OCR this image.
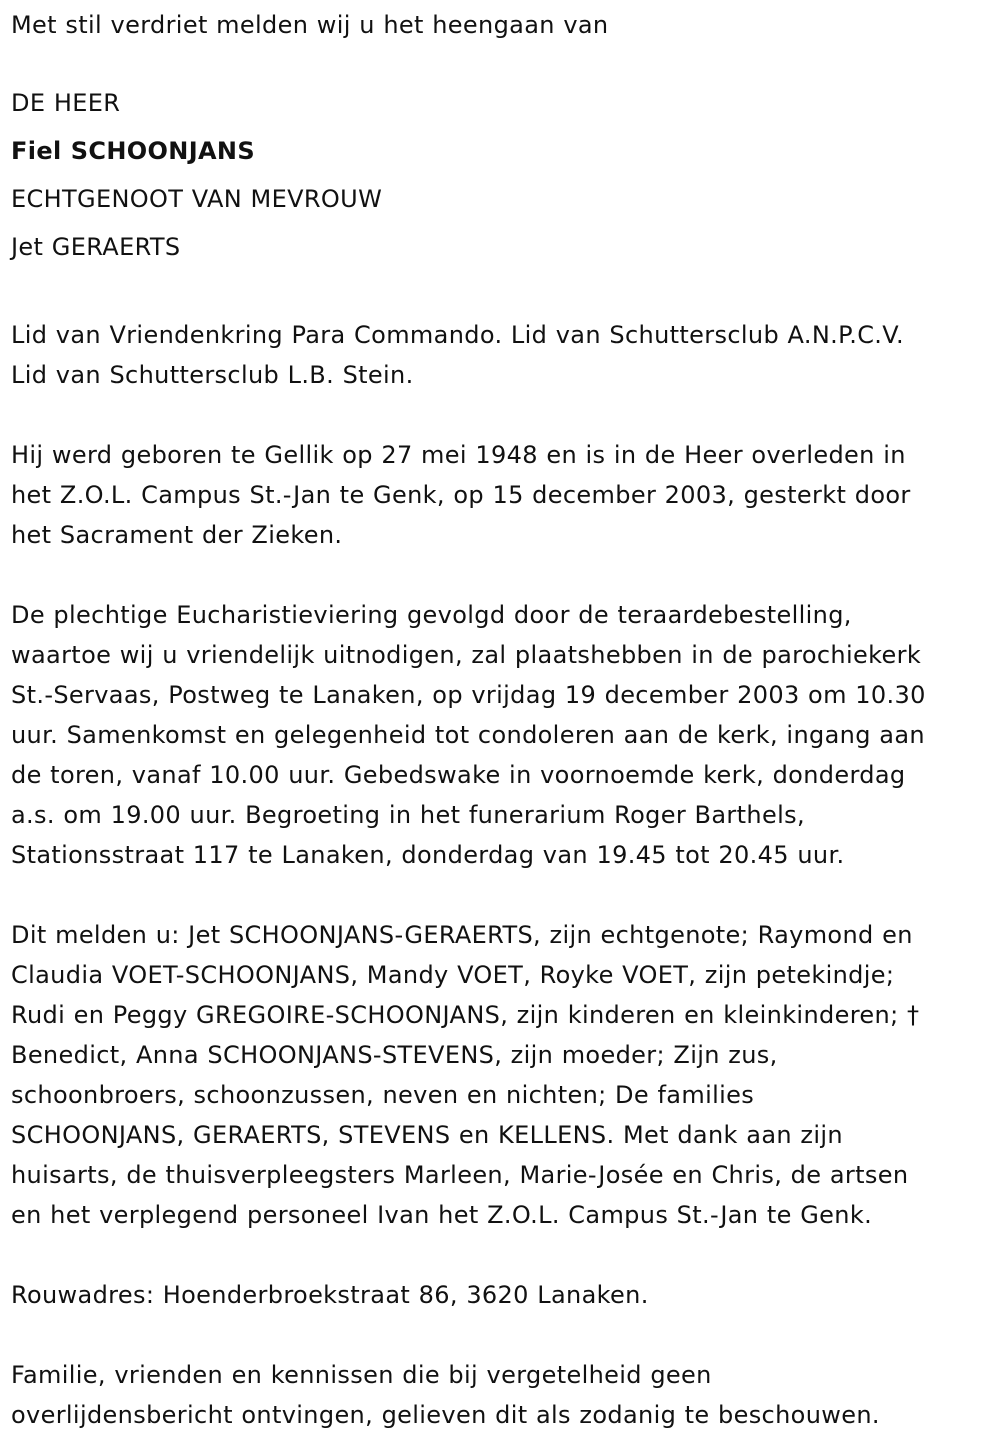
Met stil verdriet melden wij u het heengaan van
DE HEER
Fiel SCHOONJANS
ECHTGENOOT VAN MEVROUW
Jet GERAERTS
Lid van Vriendenkring Para Commando. Lid van Schuttersclub A.N.P.C.V.
Lid van Schuttersclub L.B. Stein.
Hij werd geboren te Gellik op 27 mei 1948 en is in de Heer overleden in
het Z.O.L. Campus St.-Jan te Genk, op 15 december 2003, gesterkt door
het Sacrament der Zieken.
De plechtige Eucharistieviering gevolgd door de teraardebestelling,
waartoe wij u vriendelijk uitnodigen, zal plaatshebben in de parochiekerk
St.-Servaas, Postweg te Lanaken, op vrijdag 19 december 2003 om 10.30
uur. Samenkomst en gelegenheid tot condoleren aan de kerk, ingang aan
de toren, vanaf 10.00 uur. Gebedswake in voornoemde kerk, donderdag
a.s. om 19.00 uur. Begroeting in het funerarium Roger Barthels,
Stationsstraat 117 te Lanaken, donderdag van 19.45 tot 20.45 uur.
Dit melden u: Jet SCHOONJANS-GERAERTS, zijn echtgenote; Raymond en
Claudia VOET-SCHOONJANS, Mandy VOET, Royke VOET, zijn petekindje;
Rudi en Peggy GREGOIRE-SCHOONJANS, zijn kinderen en kleinkinderen; †
Benedict, Anna SCHOONJANS-STEVENS, zijn moeder; Zijn zus,
schoonbroers, schoonzussen, neven en nichten; De families
SCHOONJANS, GERAERTS, STEVENS en KELLENS. Met dank aan zijn
huisarts, de thuisverpleegsters Marleen, Marie-Josée en Chris, de artsen
en het verplegend personeel Ivan het Z.O.L. Campus St.-Jan te Genk.
Rouwadres: Hoenderbroekstraat 86, 3620 Lanaken.
Familie, vrienden en kennissen die bij vergetelheid geen
overlijdensbericht ontvingen, gelieven dit als zodanig te beschouwen.
